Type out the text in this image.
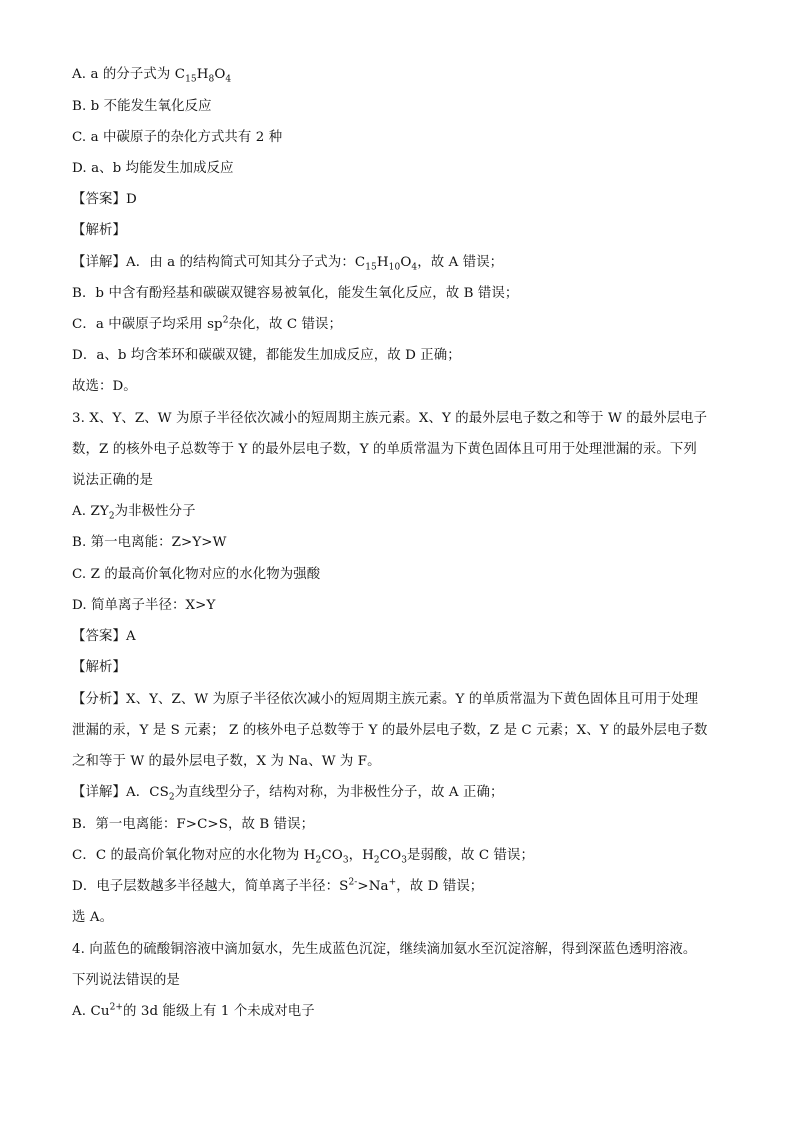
A. a 的分子式为 $C_{15}H_8O_4$
B. b 不能发生氧化反应
C. a 中碳原子的杂化方式共有 2 种
D. a、b 均能发生加成反应
【答案】D
【解析】
【详解】A．由 a 的结构简式可知其分子式为：$C_{15}H_{10}O_4$，故 A 错误；
B．b 中含有酚羟基和碳碳双键容易被氧化，能发生氧化反应，故 B 错误；
C．a 中碳原子均采用 $sp^2$杂化，故 C 错误；
D．a、b 均含苯环和碳碳双键，都能发生加成反应，故 D 正确；
故选：D。
3. X、Y、Z、W 为原子半径依次减小的短周期主族元素。X、Y 的最外层电子数之和等于 W 的最外层电子
数，Z 的核外电子总数等于 Y 的最外层电子数，Y 的单质常温为下黄色固体且可用于处理泄漏的汞。下列
说法正确的是
A. $ZY_2$为非极性分子
B. 第一电离能：Z>Y>W
C. Z 的最高价氧化物对应的水化物为强酸
D. 简单离子半径：X>Y
【答案】A
【解析】
【分析】X、Y、Z、W 为原子半径依次减小的短周期主族元素。Y 的单质常温为下黄色固体且可用于处理
泄漏的汞，Y 是 S 元素； Z 的核外电子总数等于 Y 的最外层电子数，Z 是 C 元素；X、Y 的最外层电子数
之和等于 W 的最外层电子数，X 为 Na、W 为 F。
【详解】A．$CS_2$为直线型分子，结构对称，为非极性分子，故 A 正确；
B．第一电离能：F>C>S，故 B 错误；
C．C 的最高价氧化物对应的水化物为 $H_2CO_3$，$H_2CO_3$是弱酸，故 C 错误；
D．电子层数越多半径越大，简单离子半径：$S^{2-}>Na^+$，故 D 错误；
选 A。
4. 向蓝色的硫酸铜溶液中滴加氨水，先生成蓝色沉淀，继续滴加氨水至沉淀溶解，得到深蓝色透明溶液。
下列说法错误的是
A. $Cu^{2+}$的 3d 能级上有 1 个未成对电子
